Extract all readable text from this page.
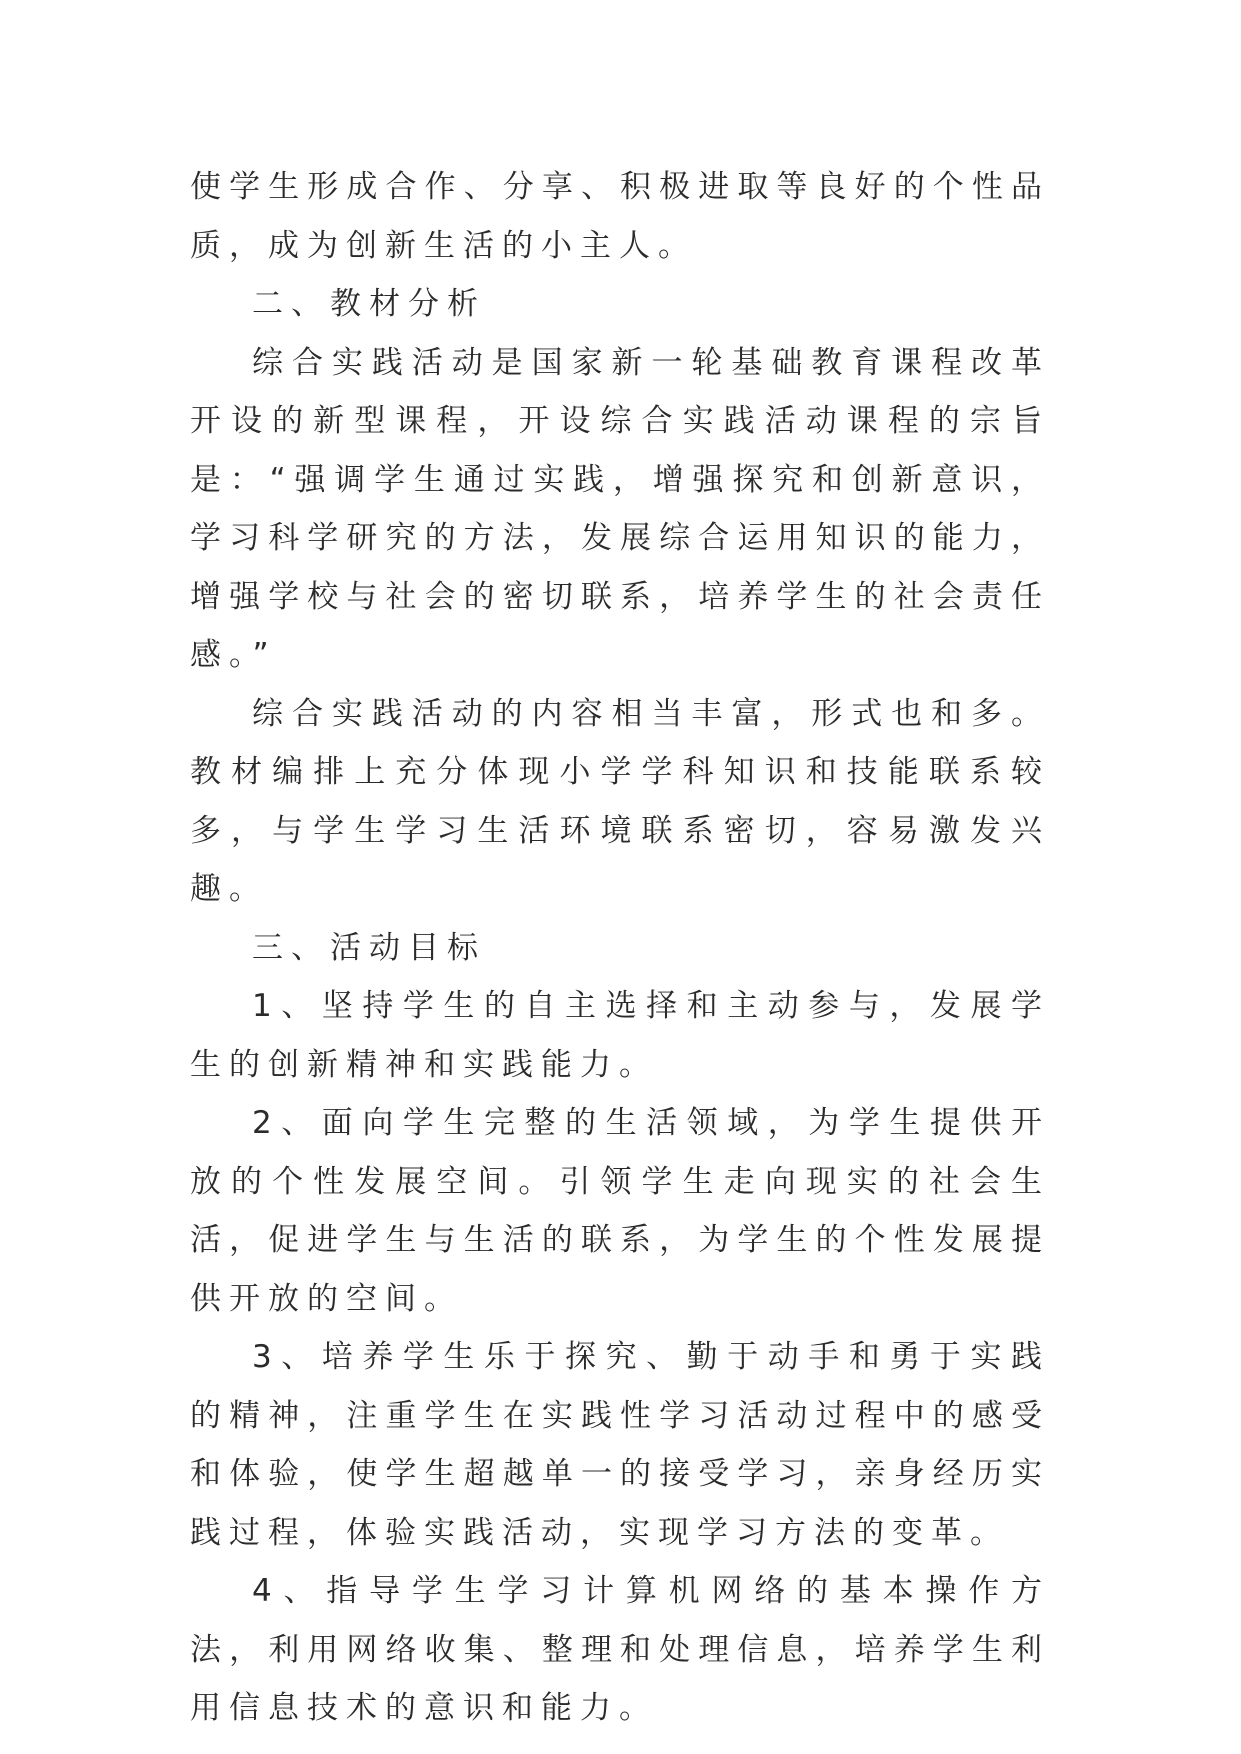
使学生形成合作、分享、积极进取等良好的个性品质，成为创新生活的小主人。

二、教材分析

综合实践活动是国家新一轮基础教育课程改革开设的新型课程，开设综合实践活动课程的宗旨是：“强调学生通过实践，增强探究和创新意识，学习科学研究的方法，发展综合运用知识的能力，增强学校与社会的密切联系，培养学生的社会责任感。”

综合实践活动的内容相当丰富，形式也和多。教材编排上充分体现小学学科知识和技能联系较多，与学生学习生活环境联系密切，容易激发兴趣。

三、活动目标

1、坚持学生的自主选择和主动参与，发展学生的创新精神和实践能力。

2、面向学生完整的生活领域，为学生提供开放的个性发展空间。引领学生走向现实的社会生活，促进学生与生活的联系，为学生的个性发展提供开放的空间。

3、培养学生乐于探究、勤于动手和勇于实践的精神，注重学生在实践性学习活动过程中的感受和体验，使学生超越单一的接受学习，亲身经历实践过程，体验实践活动，实现学习方法的变革。

4、指导学生学习计算机网络的基本操作方法，利用网络收集、整理和处理信息，培养学生利用信息技术的意识和能力。
